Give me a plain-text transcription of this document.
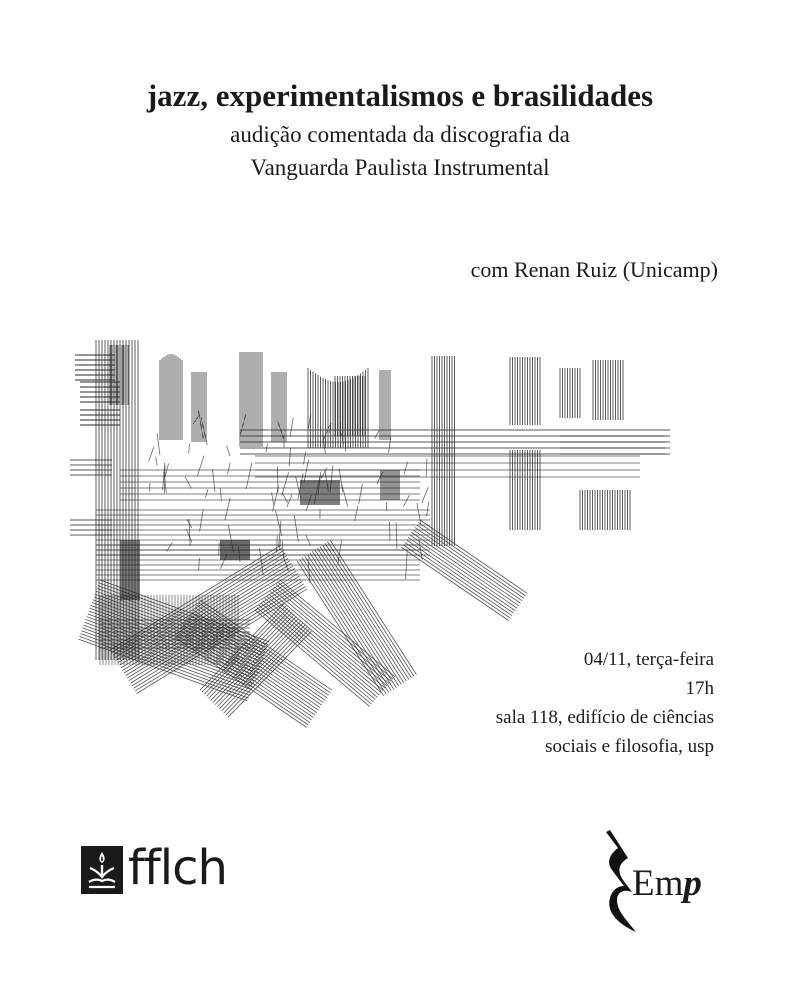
jazz, experimentalismos e brasilidades

audição comentada da discografia da

Vanguarda Paulista Instrumental

com Renan Ruiz (Unicamp)
04/11, terça-feira
17h
sala 118, edifício de ciências
sociais e filosofia, usp
fflch	Emp
